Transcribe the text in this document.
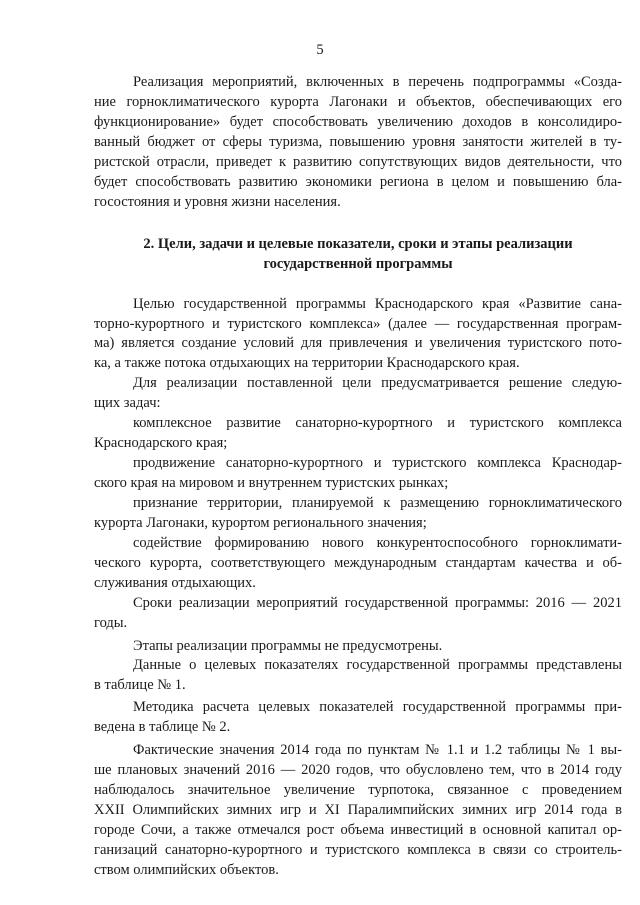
5
Реализация мероприятий, включенных в перечень подпрограммы «Созда-
ние горноклиматического курорта Лагонаки и объектов, обеспечивающих его
функционирование» будет способствовать увеличению доходов в консолидиро-
ванный бюджет от сферы туризма, повышению уровня занятости жителей в ту-
ристской отрасли, приведет к развитию сопутствующих видов деятельности, что
будет способствовать развитию экономики региона в целом и повышению бла-
госостояния и уровня жизни населения.
2. Цели, задачи и целевые показатели, сроки и этапы реализации
государственной программы
Целью государственной программы Краснодарского края «Развитие сана-
торно-курортного и туристского комплекса» (далее — государственная програм-
ма) является создание условий для привлечения и увеличения туристского пото-
ка, а также потока отдыхающих на территории Краснодарского края.
Для реализации поставленной цели предусматривается решение следую-
щих задач:
комплексное развитие санаторно-курортного и туристского комплекса
Краснодарского края;
продвижение санаторно-курортного и туристского комплекса Краснодар-
ского края на мировом и внутреннем туристских рынках;
признание территории, планируемой к размещению горноклиматического
курорта Лагонаки, курортом регионального значения;
содействие формированию нового конкурентоспособного горноклимати-
ческого курорта, соответствующего международным стандартам качества и об-
служивания отдыхающих.
Сроки реализации мероприятий государственной программы: 2016 — 2021
годы.
Этапы реализации программы не предусмотрены.
Данные о целевых показателях государственной программы представлены
в таблице № 1.
Методика расчета целевых показателей государственной программы при-
ведена в таблице № 2.
Фактические значения 2014 года по пунктам № 1.1 и 1.2 таблицы № 1 вы-
ше плановых значений 2016 — 2020 годов, что обусловлено тем, что в 2014 году
наблюдалось значительное увеличение турпотока, связанное с проведением
XXII Олимпийских зимних игр и XI Паралимпийских зимних игр 2014 года в
городе Сочи, а также отмечался рост объема инвестиций в основной капитал ор-
ганизаций санаторно-курортного и туристского комплекса в связи со строитель-
ством олимпийских объектов.
